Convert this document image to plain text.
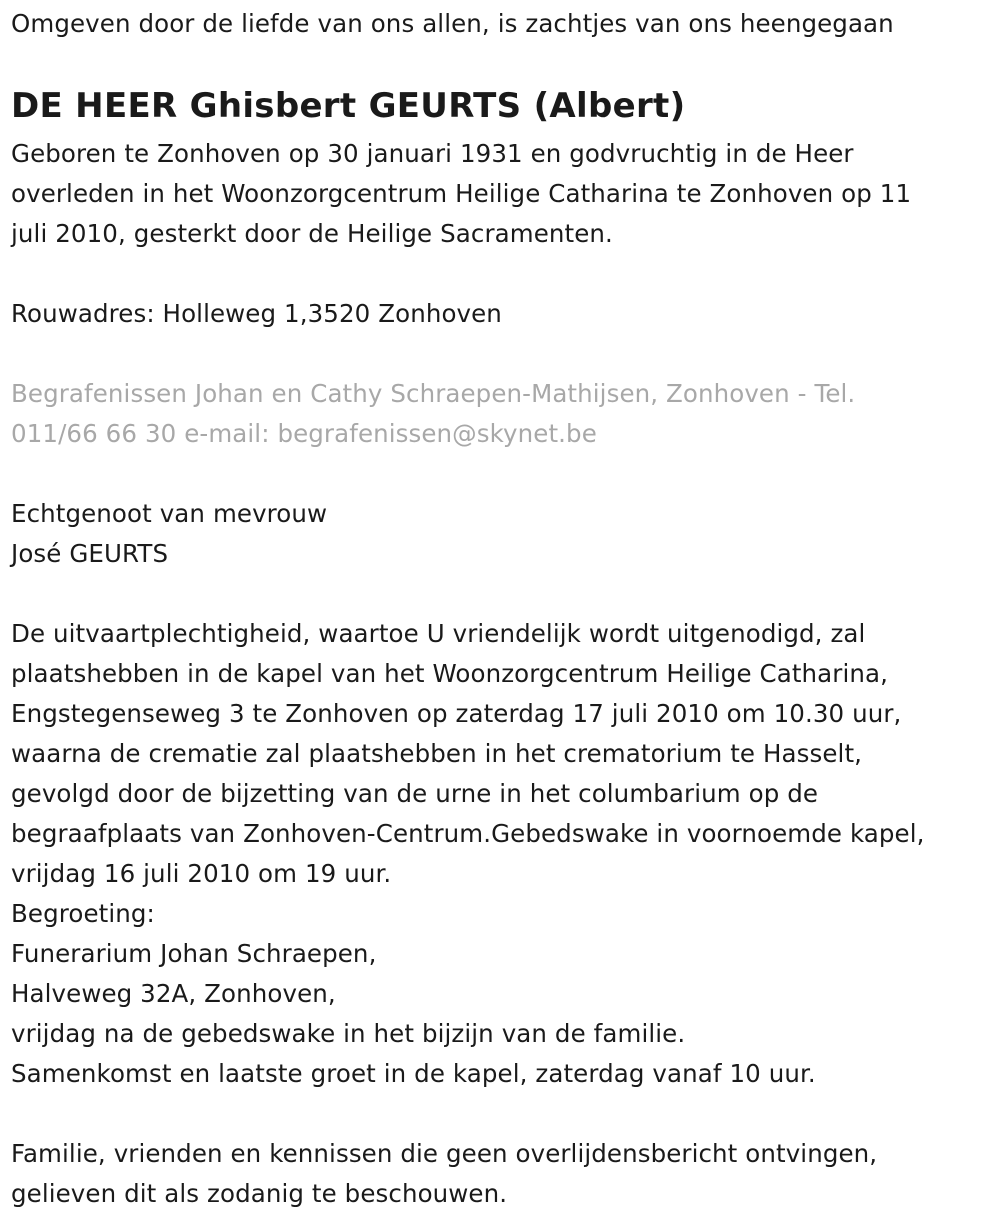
Omgeven door de liefde van ons allen, is zachtjes van ons heengegaan
DE HEER Ghisbert GEURTS (Albert)
Geboren te Zonhoven op 30 januari 1931 en godvruchtig in de Heer
overleden in het Woonzorgcentrum Heilige Catharina te Zonhoven op 11
juli 2010, gesterkt door de Heilige Sacramenten.
Rouwadres: Holleweg 1,3520 Zonhoven
Begrafenissen Johan en Cathy Schraepen-Mathijsen, Zonhoven - Tel.
011/66 66 30 e-mail: begrafenissen@skynet.be
Echtgenoot van mevrouw
José GEURTS
De uitvaartplechtigheid, waartoe U vriendelijk wordt uitgenodigd, zal
plaatshebben in de kapel van het Woonzorgcentrum Heilige Catharina,
Engstegenseweg 3 te Zonhoven op zaterdag 17 juli 2010 om 10.30 uur,
waarna de crematie zal plaatshebben in het crematorium te Hasselt,
gevolgd door de bijzetting van de urne in het columbarium op de
begraafplaats van Zonhoven-Centrum.Gebedswake in voornoemde kapel,
vrijdag 16 juli 2010 om 19 uur.
Begroeting:
Funerarium Johan Schraepen,
Halveweg 32A, Zonhoven,
vrijdag na de gebedswake in het bijzijn van de familie.
Samenkomst en laatste groet in de kapel, zaterdag vanaf 10 uur.
Familie, vrienden en kennissen die geen overlijdensbericht ontvingen,
gelieven dit als zodanig te beschouwen.
